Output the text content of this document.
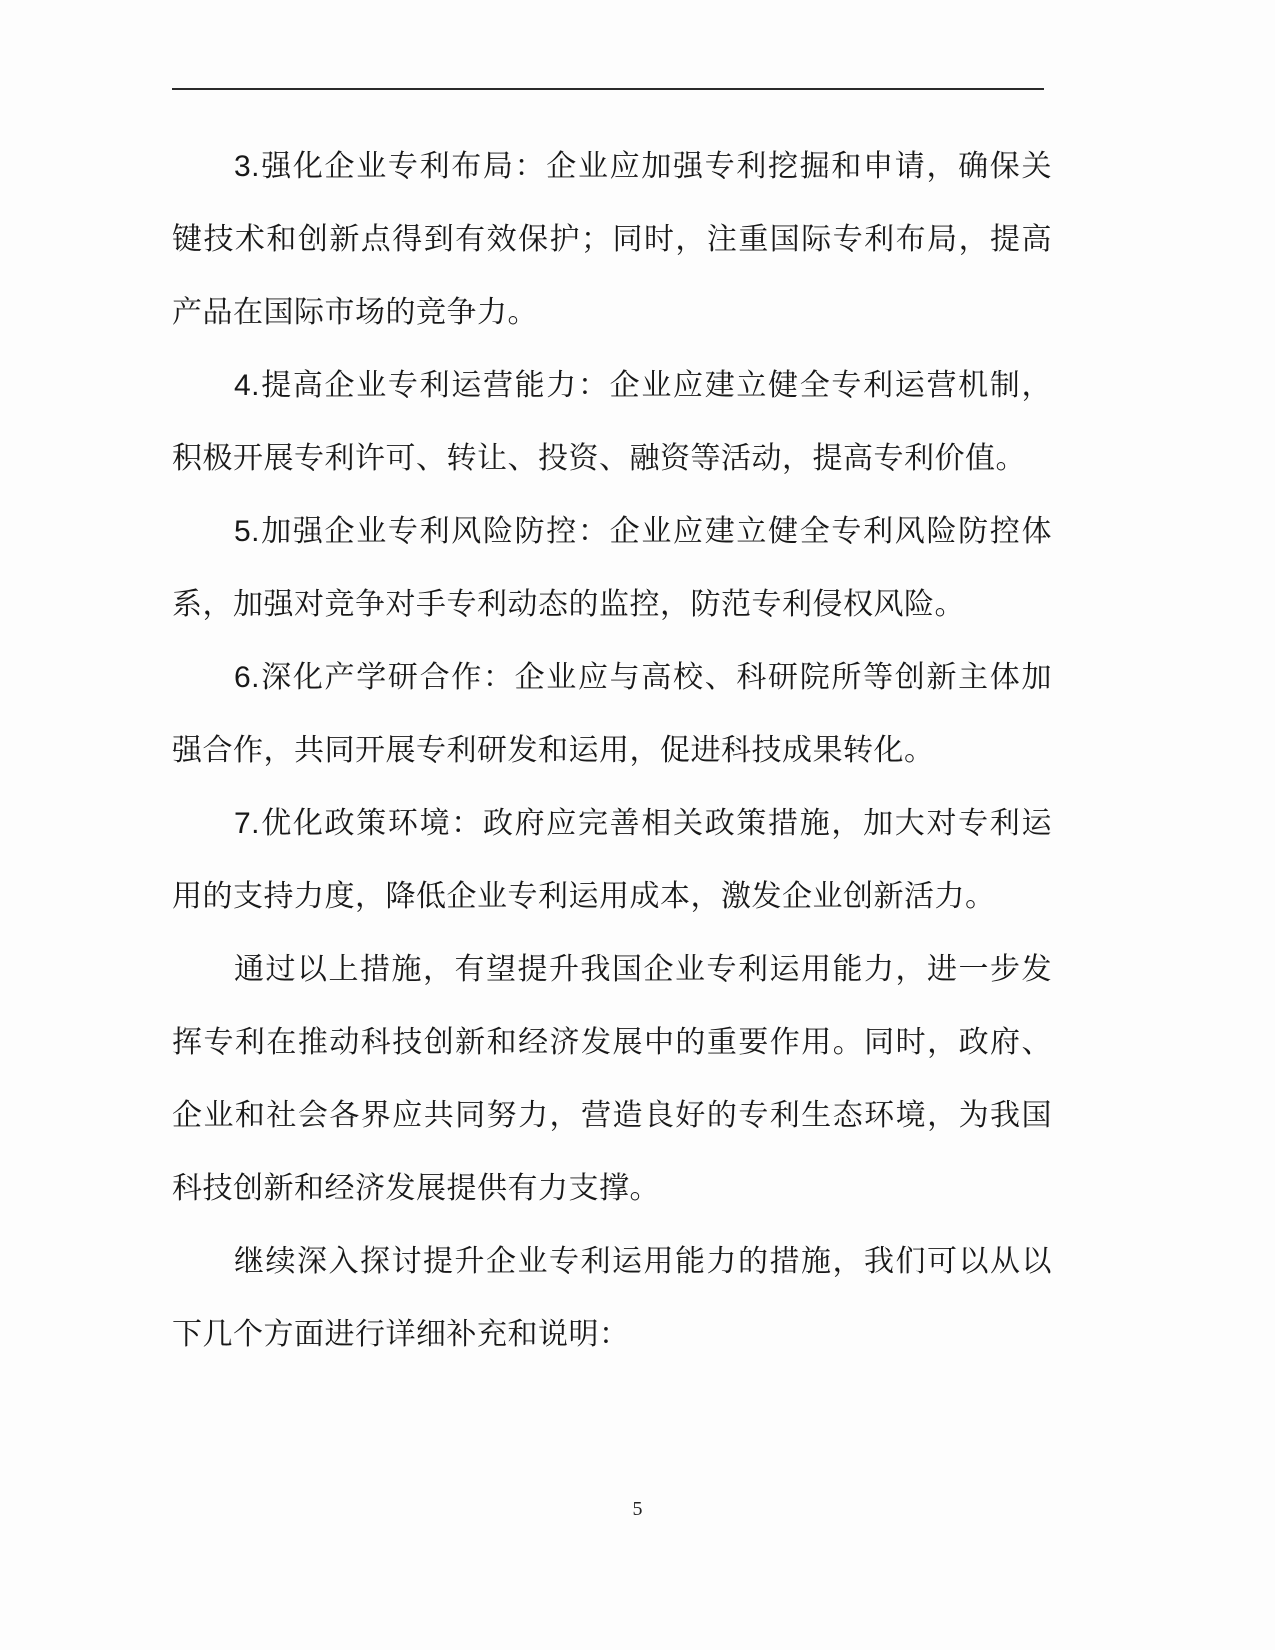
3.强化企业专利布局：企业应加强专利挖掘和申请，确保关键技术和创新点得到有效保护；同时，注重国际专利布局，提高产品在国际市场的竞争力。

4.提高企业专利运营能力：企业应建立健全专利运营机制，积极开展专利许可、转让、投资、融资等活动，提高专利价值。

5.加强企业专利风险防控：企业应建立健全专利风险防控体系，加强对竞争对手专利动态的监控，防范专利侵权风险。

6.深化产学研合作：企业应与高校、科研院所等创新主体加强合作，共同开展专利研发和运用，促进科技成果转化。

7.优化政策环境：政府应完善相关政策措施，加大对专利运用的支持力度，降低企业专利运用成本，激发企业创新活力。

通过以上措施，有望提升我国企业专利运用能力，进一步发挥专利在推动科技创新和经济发展中的重要作用。同时，政府、企业和社会各界应共同努力，营造良好的专利生态环境，为我国科技创新和经济发展提供有力支撑。

继续深入探讨提升企业专利运用能力的措施，我们可以从以下几个方面进行详细补充和说明：

5
